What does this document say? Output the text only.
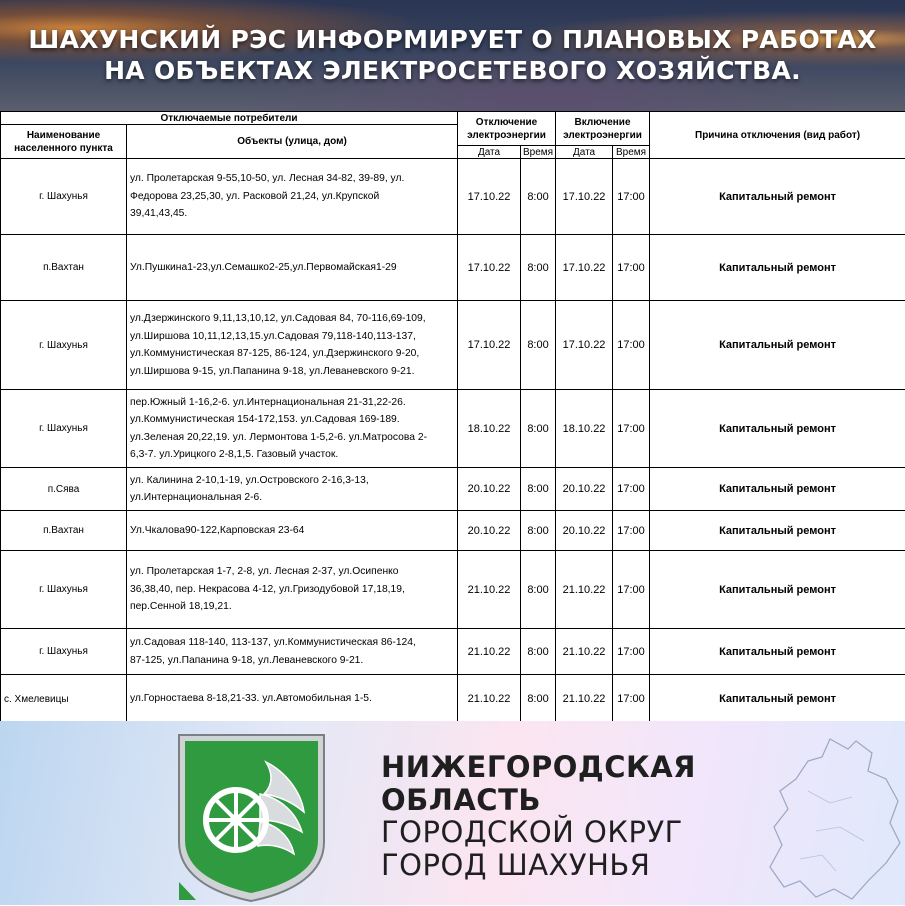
ШАХУНСКИЙ РЭС ИНФОРМИРУЕТ О ПЛАНОВЫХ РАБОТАХ
НА ОБЪЕКТАХ ЭЛЕКТРОСЕТЕВОГО ХОЗЯЙСТВА.
Отключаемые потребители		Отключение электроэнергии		Включение электроэнергии		Причина отключения (вид работ)
Наименование населенного пункта	Объекты (улица, дом)					
		Дата	Время	Дата	Время	
г. Шахунья	ул. Пролетарская 9-55,10-50, ул. Лесная 34-82, 39-89, ул.
Федорова 23,25,30, ул. Расковой 21,24, ул.Крупской
39,41,43,45.	17.10.22	8:00	17.10.22	17:00	Капитальный ремонт
п.Вахтан	Ул.Пушкина1-23,ул.Семашко2-25,ул.Первомайская1-29	17.10.22	8:00	17.10.22	17:00	Капитальный ремонт
г. Шахунья	ул.Дзержинского 9,11,13,10,12, ул.Садовая 84, 70-116,69-109,
ул.Ширшова 10,11,12,13,15.ул.Садовая 79,118-140,113-137,
ул.Коммунистическая 87-125, 86-124, ул.Дзержинского 9-20,
ул.Ширшова 9-15, ул.Папанина 9-18, ул.Леваневского 9-21.	17.10.22	8:00	17.10.22	17:00	Капитальный ремонт
г. Шахунья	пер.Южный 1-16,2-6. ул.Интернациональная 21-31,22-26.
ул.Коммунистическая 154-172,153. ул.Садовая 169-189.
ул.Зеленая 20,22,19. ул. Лермонтова 1-5,2-6. ул.Матросова 2-
6,3-7. ул.Урицкого 2-8,1,5. Газовый участок.	18.10.22	8:00	18.10.22	17:00	Капитальный ремонт
п.Сява	ул. Калинина 2-10,1-19, ул.Островского 2-16,3-13,
ул.Интернациональная 2-6.	20.10.22	8:00	20.10.22	17:00	Капитальный ремонт
п.Вахтан	Ул.Чкалова90-122,Карповская 23-64	20.10.22	8:00	20.10.22	17:00	Капитальный ремонт
г. Шахунья	ул. Пролетарская 1-7, 2-8, ул. Лесная 2-37, ул.Осипенко
36,38,40, пер. Некрасова 4-12, ул.Гризодубовой 17,18,19,
пер.Сенной 18,19,21.	21.10.22	8:00	21.10.22	17:00	Капитальный ремонт
г. Шахунья	ул.Садовая 118-140, 113-137, ул.Коммунистическая 86-124,
87-125, ул.Папанина 9-18, ул.Леваневского 9-21.	21.10.22	8:00	21.10.22	17:00	Капитальный ремонт
с. Хмелевицы	ул.Горностаева 8-18,21-33. ул.Автомобильная 1-5.	21.10.22	8:00	21.10.22	17:00	Капитальный ремонт
НИЖЕГОРОДСКАЯ
ОБЛАСТЬ
ГОРОДСКОЙ ОКРУГ
ГОРОД ШАХУНЬЯ
